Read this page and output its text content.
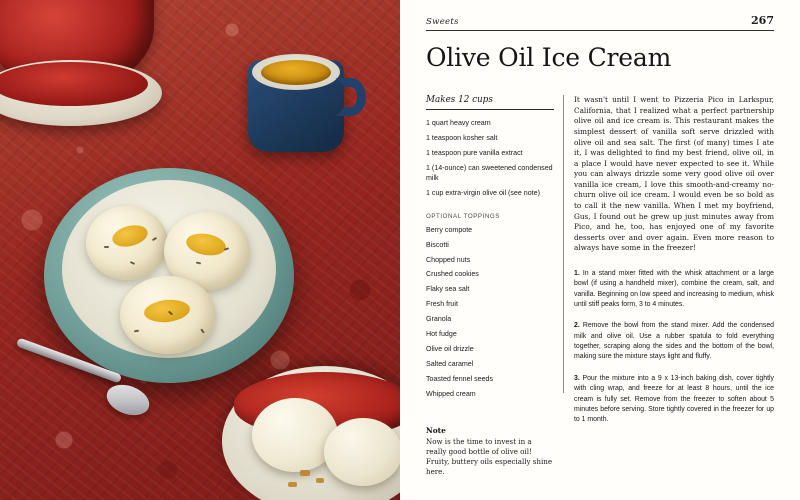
Sweets	267
Olive Oil Ice Cream
Makes 12 cups
1 quart heavy cream
1 teaspoon kosher salt
1 teaspoon pure vanilla extract
1 (14-ounce) can sweetened condensed milk
1 cup extra-virgin olive oil (see note)
OPTIONAL TOPPINGS
Berry compote
Biscotti
Chopped nuts
Crushed cookies
Flaky sea salt
Fresh fruit
Granola
Hot fudge
Olive oil drizzle
Salted caramel
Toasted fennel seeds
Whipped cream
Note
Now is the time to invest in a really good bottle of olive oil! Fruity, buttery oils especially shine here.

It wasn't until I went to Pizzeria Pico in Larkspur, California, that I realized what a perfect partnership olive oil and ice cream is. This restaurant makes the simplest dessert of vanilla soft serve drizzled with olive oil and sea salt. The first (of many) times I ate it, I was delighted to find my best friend, olive oil, in a place I would have never expected to see it. While you can always drizzle some very good olive oil over vanilla ice cream, I love this smooth-and-creamy no-churn olive oil ice cream. I would even be so bold as to call it the new vanilla. When I met my boyfriend, Gus, I found out he grew up just minutes away from Pico, and he, too, has enjoyed one of my favorite desserts over and over again. Even more reason to always have some in the freezer!

1. In a stand mixer fitted with the whisk attachment or a large bowl (if using a handheld mixer), combine the cream, salt, and vanilla. Beginning on low speed and increasing to medium, whisk until stiff peaks form, 3 to 4 minutes.

2. Remove the bowl from the stand mixer. Add the condensed milk and olive oil. Use a rubber spatula to fold everything together, scraping along the sides and the bottom of the bowl, making sure the mixture stays light and fluffy.

3. Pour the mixture into a 9 x 13-inch baking dish, cover tightly with cling wrap, and freeze for at least 8 hours, until the ice cream is fully set. Remove from the freezer to soften about 5 minutes before serving. Store tightly covered in the freezer for up to 1 month.
